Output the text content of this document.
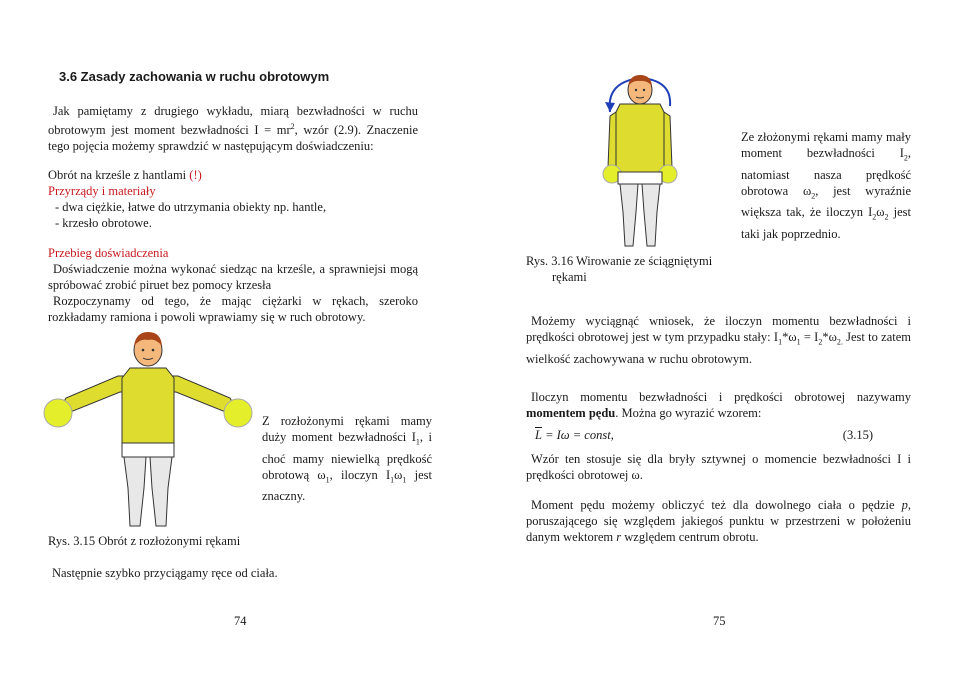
3.6 Zasady zachowania w ruchu obrotowym

Jak pamiętamy z drugiego wykładu, miarą bezwładności w ruchu obrotowym jest moment bezwładności $I = mr^2$, wzór (2.9). Znaczenie tego pojęcia możemy sprawdzić w następującym doświadczeniu:

Obrót na krześle z hantlami (!)
Przyrządy i materiały
- dwa ciężkie, łatwe do utrzymania obiekty np. hantle,
- krzesło obrotowe.
Przebieg doświadczenia

Doświadczenie można wykonać siedząc na krześle, a sprawniejsi mogą spróbować zrobić piruet bez pomocy krzesła

Rozpoczynamy od tego, że mając ciężarki w rękach, szeroko rozkładamy ramiona i powoli wprawiamy się w ruch obrotowy.

Z rozłożonymi rękami mamy duży moment bezwładności $I_1$, i choć mamy niewielką prędkość obrotową $\omega_1$, iloczyn $I_1\omega_1$ jest znaczny.

Rys. 3.15 Obrót z rozłożonymi rękami
Następnie szybko przyciągamy ręce od ciała.
74

Ze złożonymi rękami mamy mały moment bezwładności $I_2$, natomiast nasza prędkość obrotowa $\omega_2$, jest wyraźnie większa tak, że iloczyn $I_2\omega_2$ jest taki jak poprzednio.

Rys. 3.16 Wirowanie ze ściągniętymi
rękami

Możemy wyciągnąć wniosek, że iloczyn momentu bezwładności i prędkości obrotowej jest w tym przypadku stały: $I_1*\omega_1 = I_2*\omega_{2.}$ Jest to zatem wielkość zachowywana w ruchu obrotowym.

Iloczyn momentu bezwładności i prędkości obrotowej nazywamy momentem pędu. Można go wyrazić wzorem:

$\overline{L} = I\omega$ = const,	(3.15)

Wzór ten stosuje się dla bryły sztywnej o momencie bezwładności I i prędkości obrotowej ω.

Moment pędu możemy obliczyć też dla dowolnego ciała o pędzie p, poruszającego się względem jakiegoś punktu w przestrzeni w położeniu danym wektorem r względem centrum obrotu.

75
